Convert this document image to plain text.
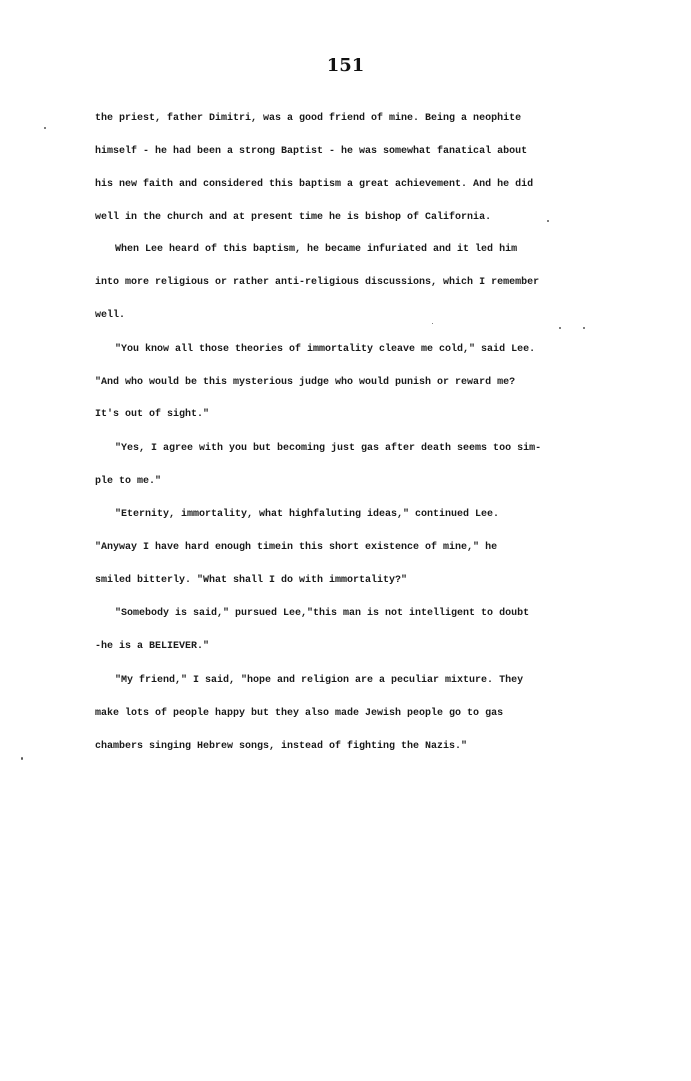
151
the priest, father Dimitri, was a good friend of mine. Being a neophite
himself - he had been a strong Baptist - he was somewhat fanatical about
his new faith and considered this baptism a great achievement. And he did
well in the church and at present time he is bishop of California.
When Lee heard of this baptism, he became infuriated and it led him
into more religious or rather anti-religious discussions, which I remember
well.
"You know all those theories of immortality cleave me cold," said Lee.
"And who would be this mysterious judge who would punish or reward me?
It's out of sight."
"Yes, I agree with you but becoming just gas after death seems too sim-
ple to me."
"Eternity, immortality, what highfaluting ideas," continued Lee.
"Anyway I have hard enough timein this short existence of mine," he
smiled bitterly. "What shall I do with immortality?"
"Somebody is said," pursued Lee,"this man is not intelligent to doubt
-he is a BELIEVER."
"My friend," I said, "hope and religion are a peculiar mixture. They
make lots of people happy but they also made Jewish people go to gas
chambers singing Hebrew songs, instead of fighting the Nazis."
